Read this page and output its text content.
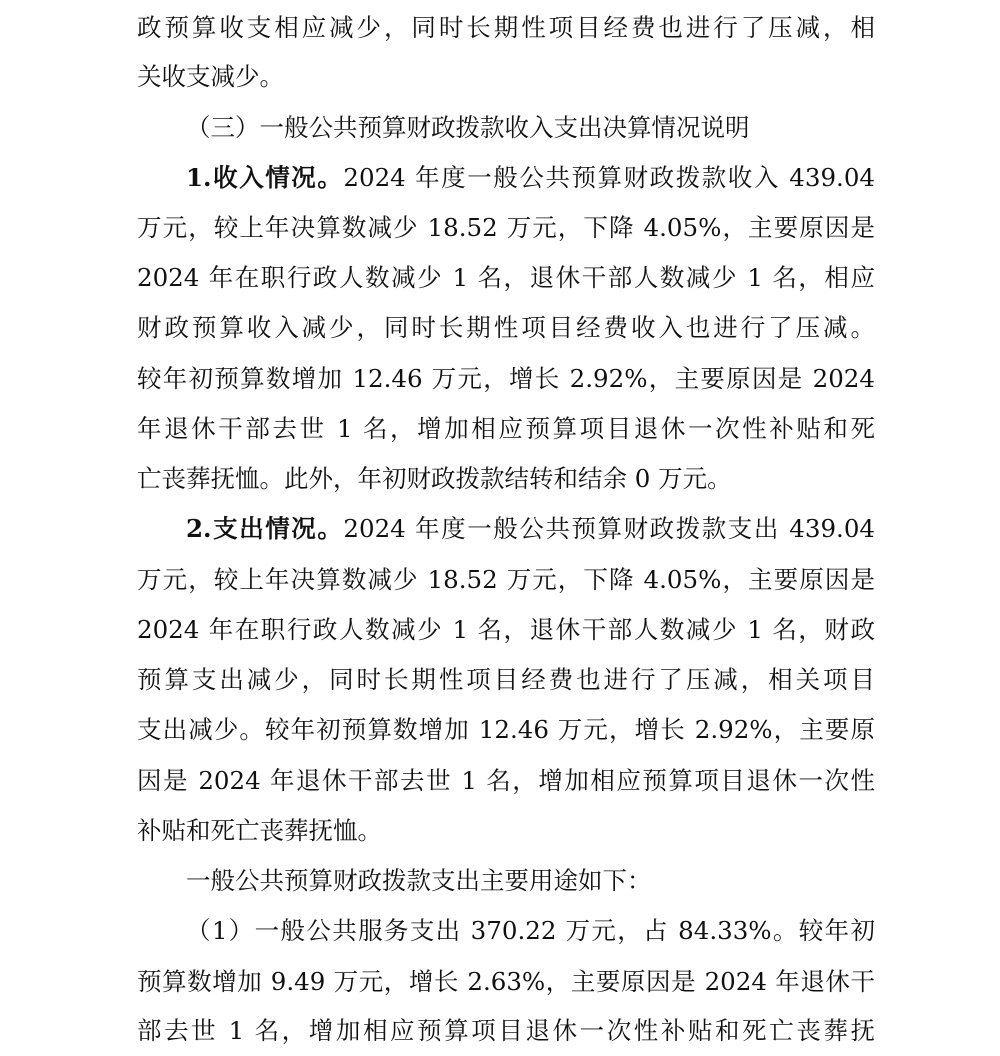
政预算收支相应减少，同时长期性项目经费也进行了压减，相
关收支减少。
（三）一般公共预算财政拨款收入支出决算情况说明
1.收入情况。2024 年度一般公共预算财政拨款收入 439.04
万元，较上年决算数减少 18.52 万元，下降 4.05%，主要原因是
2024 年在职行政人数减少 1 名，退休干部人数减少 1 名，相应
财政预算收入减少，同时长期性项目经费收入也进行了压减。
较年初预算数增加 12.46 万元，增长 2.92%，主要原因是 2024
年退休干部去世 1 名，增加相应预算项目退休一次性补贴和死
亡丧葬抚恤。此外，年初财政拨款结转和结余 0 万元。
2.支出情况。2024 年度一般公共预算财政拨款支出 439.04
万元，较上年决算数减少 18.52 万元，下降 4.05%，主要原因是
2024 年在职行政人数减少 1 名，退休干部人数减少 1 名，财政
预算支出减少，同时长期性项目经费也进行了压减，相关项目
支出减少。较年初预算数增加 12.46 万元，增长 2.92%，主要原
因是 2024 年退休干部去世 1 名，增加相应预算项目退休一次性
补贴和死亡丧葬抚恤。
一般公共预算财政拨款支出主要用途如下：
（1）一般公共服务支出 370.22 万元，占 84.33%。较年初
预算数增加 9.49 万元，增长 2.63%，主要原因是 2024 年退休干
部去世 1 名，增加相应预算项目退休一次性补贴和死亡丧葬抚
